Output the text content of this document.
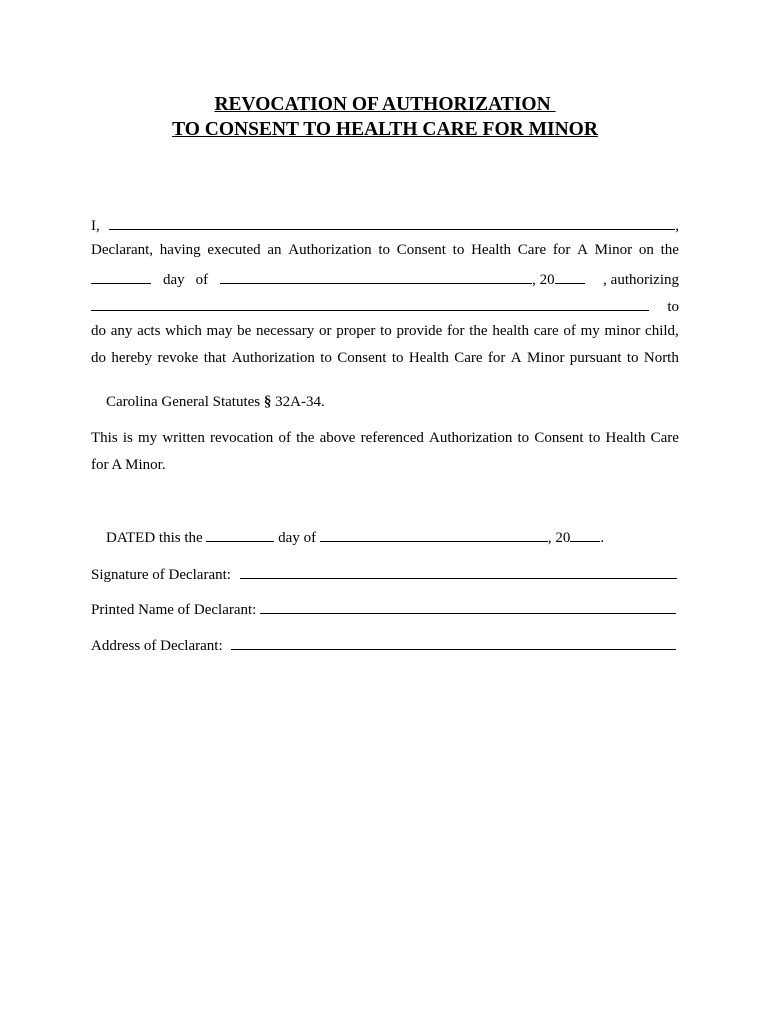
REVOCATION OF AUTHORIZATION
TO CONSENT TO HEALTH CARE FOR MINOR
I,	,
Declarant, having executed an Authorization to Consent to Health Care for A Minor on the
day of	, 20	, authorizing
to
do any acts which may be necessary or proper to provide for the health care of my minor child,
do hereby revoke that Authorization to Consent to Health Care for A Minor pursuant to North

Carolina General Statutes § 32A-34.

This is my written revocation of the above referenced Authorization to Consent to Health Care
for A Minor.

DATED this the	day of	, 20 .

Signature of Declarant:
Printed Name of Declarant:
Address of Declarant:
